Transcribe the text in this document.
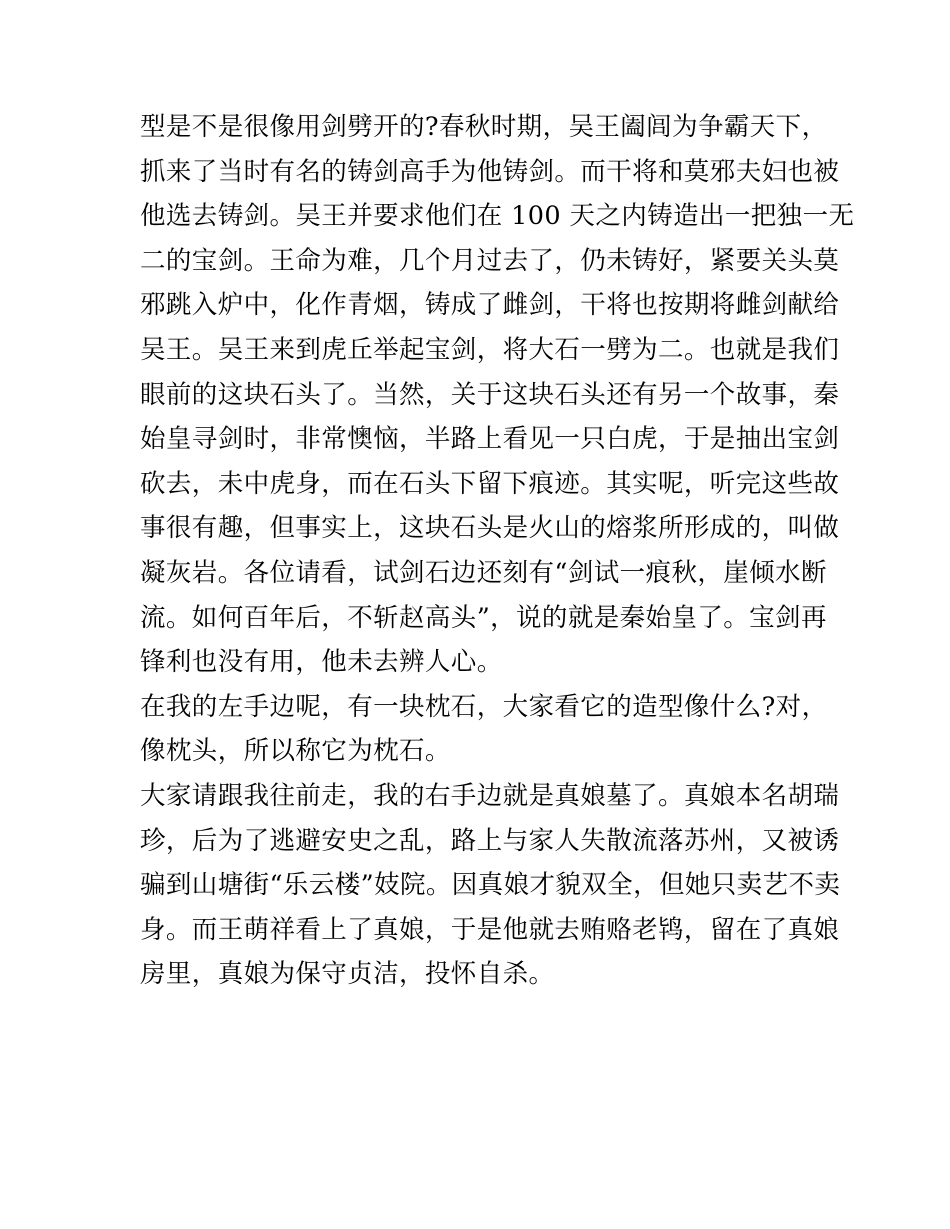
型是不是很像用剑劈开的?春秋时期，吴王阖闾为争霸天下，
抓来了当时有名的铸剑高手为他铸剑。而干将和莫邪夫妇也被
他选去铸剑。吴王并要求他们在 100 天之内铸造出一把独一无
二的宝剑。王命为难，几个月过去了，仍未铸好，紧要关头莫
邪跳入炉中，化作青烟，铸成了雌剑，干将也按期将雌剑献给
吴王。吴王来到虎丘举起宝剑，将大石一劈为二。也就是我们
眼前的这块石头了。当然，关于这块石头还有另一个故事，秦
始皇寻剑时，非常懊恼，半路上看见一只白虎，于是抽出宝剑
砍去，未中虎身，而在石头下留下痕迹。其实呢，听完这些故
事很有趣，但事实上，这块石头是火山的熔浆所形成的，叫做
凝灰岩。各位请看，试剑石边还刻有“剑试一痕秋，崖倾水断
流。如何百年后，不斩赵高头”，说的就是秦始皇了。宝剑再
锋利也没有用，他未去辨人心。
在我的左手边呢，有一块枕石，大家看它的造型像什么?对，
像枕头，所以称它为枕石。
大家请跟我往前走，我的右手边就是真娘墓了。真娘本名胡瑞
珍，后为了逃避安史之乱，路上与家人失散流落苏州，又被诱
骗到山塘街“乐云楼”妓院。因真娘才貌双全，但她只卖艺不卖
身。而王萌祥看上了真娘，于是他就去贿赂老鸨，留在了真娘
房里，真娘为保守贞洁，投怀自杀。
